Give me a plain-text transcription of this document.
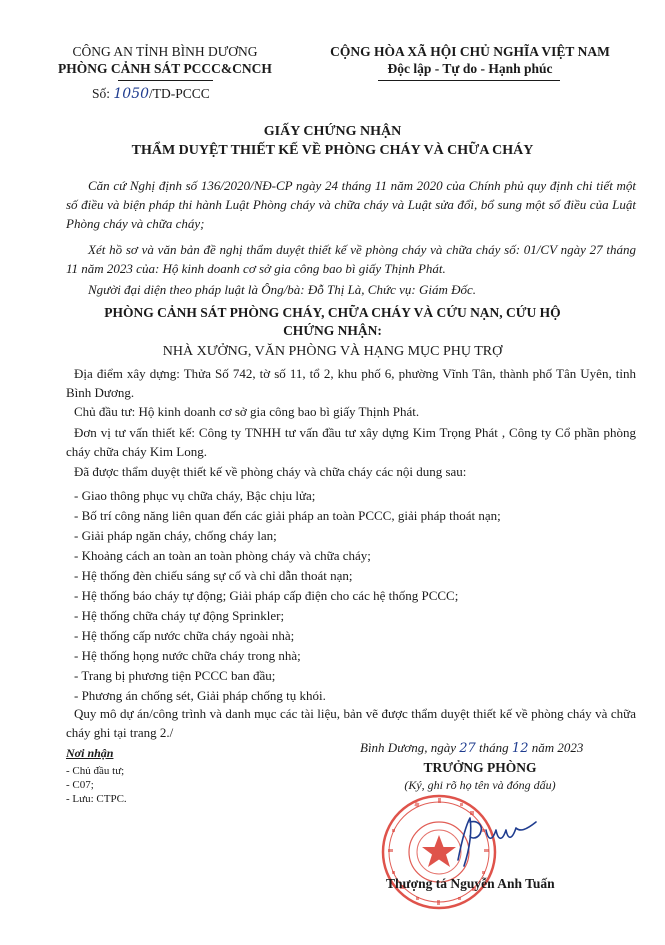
CÔNG AN TỈNH BÌNH DƯƠNG
PHÒNG CẢNH SÁT PCCC&CNCH
Số: 1050/TD-PCCC
CỘNG HÒA XÃ HỘI CHỦ NGHĨA VIỆT NAM
Độc lập - Tự do - Hạnh phúc
GIẤY CHỨNG NHẬN
THẨM DUYỆT THIẾT KẾ VỀ PHÒNG CHÁY VÀ CHỮA CHÁY
Căn cứ Nghị định số 136/2020/NĐ-CP ngày 24 tháng 11 năm 2020 của Chính phủ quy định chi tiết một số điều và biện pháp thi hành Luật Phòng cháy và chữa cháy và Luật sửa đổi, bổ sung một số điều của Luật Phòng cháy và chữa cháy;
Xét hồ sơ và văn bản đề nghị thẩm duyệt thiết kế về phòng cháy và chữa cháy số: 01/CV ngày 27 tháng 11 năm 2023 của: Hộ kinh doanh cơ sở gia công bao bì giấy Thịnh Phát.
Người đại diện theo pháp luật là Ông/bà: Đỗ Thị Là, Chức vụ: Giám Đốc.
PHÒNG CẢNH SÁT PHÒNG CHÁY, CHỮA CHÁY VÀ CỨU NẠN, CỨU HỘ
CHỨNG NHẬN:
NHÀ XƯỞNG, VĂN PHÒNG VÀ HẠNG MỤC PHỤ TRỢ
Địa điểm xây dựng: Thửa Số 742, tờ số 11, tổ 2, khu phố 6, phường Vĩnh Tân, thành phố Tân Uyên, tỉnh Bình Dương.
Chủ đầu tư: Hộ kinh doanh cơ sở gia công bao bì giấy Thịnh Phát.
Đơn vị tư vấn thiết kế: Công ty TNHH tư vấn đầu tư xây dựng Kim Trọng Phát , Công ty Cổ phần phòng cháy chữa cháy Kim Long.
Đã được thẩm duyệt thiết kế về phòng cháy và chữa cháy các nội dung sau:
- Giao thông phục vụ chữa cháy, Bậc chịu lửa;
- Bố trí công năng liên quan đến các giải pháp an toàn PCCC, giải pháp thoát nạn;
- Giải pháp ngăn cháy, chống cháy lan;
- Khoảng cách an toàn an toàn phòng cháy và chữa cháy;
- Hệ thống đèn chiếu sáng sự cố và chỉ dẫn thoát nạn;
- Hệ thống báo cháy tự động; Giải pháp cấp điện cho các hệ thống PCCC;
- Hệ thống chữa cháy tự động Sprinkler;
- Hệ thống cấp nước chữa cháy ngoài nhà;
- Hệ thống họng nước chữa cháy trong nhà;
- Trang bị phương tiện PCCC ban đầu;
- Phương án chống sét, Giải pháp chống tụ khói.
Quy mô dự án/công trình và danh mục các tài liệu, bản vẽ được thẩm duyệt thiết kế về phòng cháy và chữa cháy ghi tại trang 2./
Nơi nhận
- Chủ đầu tư;
- C07;
- Lưu: CTPC.
Bình Dương, ngày 27 tháng 12 năm 2023
TRƯỞNG PHÒNG
(Ký, ghi rõ họ tên và đóng dấu)
Thượng tá Nguyễn Anh Tuấn
